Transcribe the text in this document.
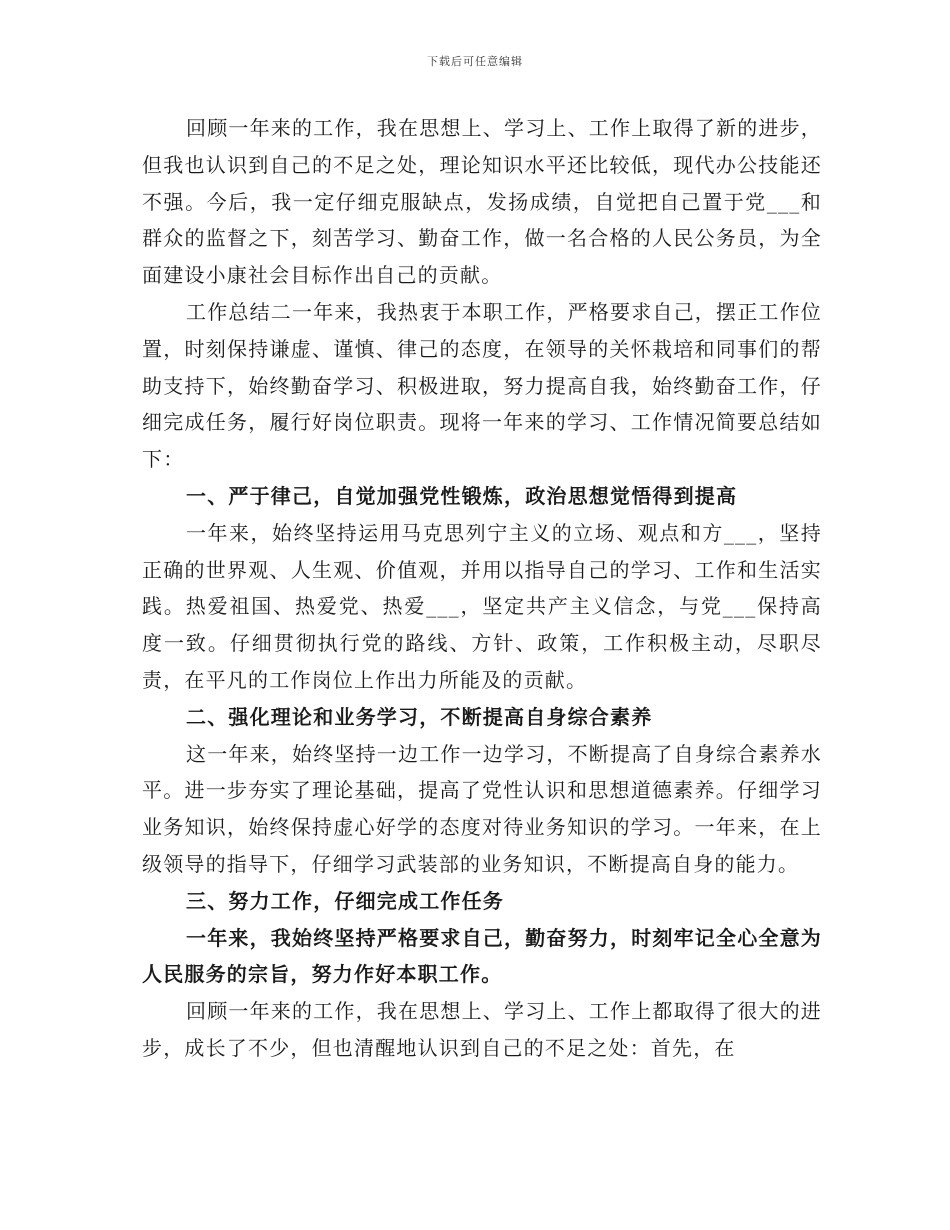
下载后可任意编辑

回顾一年来的工作，我在思想上、学习上、工作上取得了新的进步，但我也认识到自己的不足之处，理论知识水平还比较低，现代办公技能还不强。今后，我一定仔细克服缺点，发扬成绩，自觉把自己置于党___和群众的监督之下，刻苦学习、勤奋工作，做一名合格的人民公务员，为全面建设小康社会目标作出自己的贡献。

工作总结二一年来，我热衷于本职工作，严格要求自己，摆正工作位置，时刻保持谦虚、谨慎、律己的态度，在领导的关怀栽培和同事们的帮助支持下，始终勤奋学习、积极进取，努力提高自我，始终勤奋工作，仔细完成任务，履行好岗位职责。现将一年来的学习、工作情况简要总结如下：

一、严于律己，自觉加强党性锻炼，政治思想觉悟得到提高

一年来，始终坚持运用马克思列宁主义的立场、观点和方___，坚持正确的世界观、人生观、价值观，并用以指导自己的学习、工作和生活实践。热爱祖国、热爱党、热爱___，坚定共产主义信念，与党___保持高度一致。仔细贯彻执行党的路线、方针、政策，工作积极主动，尽职尽责，在平凡的工作岗位上作出力所能及的贡献。

二、强化理论和业务学习，不断提高自身综合素养

这一年来，始终坚持一边工作一边学习，不断提高了自身综合素养水平。进一步夯实了理论基础，提高了党性认识和思想道德素养。仔细学习业务知识，始终保持虚心好学的态度对待业务知识的学习。一年来，在上级领导的指导下，仔细学习武装部的业务知识，不断提高自身的能力。

三、努力工作，仔细完成工作任务

一年来，我始终坚持严格要求自己，勤奋努力，时刻牢记全心全意为人民服务的宗旨，努力作好本职工作。

回顾一年来的工作，我在思想上、学习上、工作上都取得了很大的进步，成长了不少，但也清醒地认识到自己的不足之处：首先，在
